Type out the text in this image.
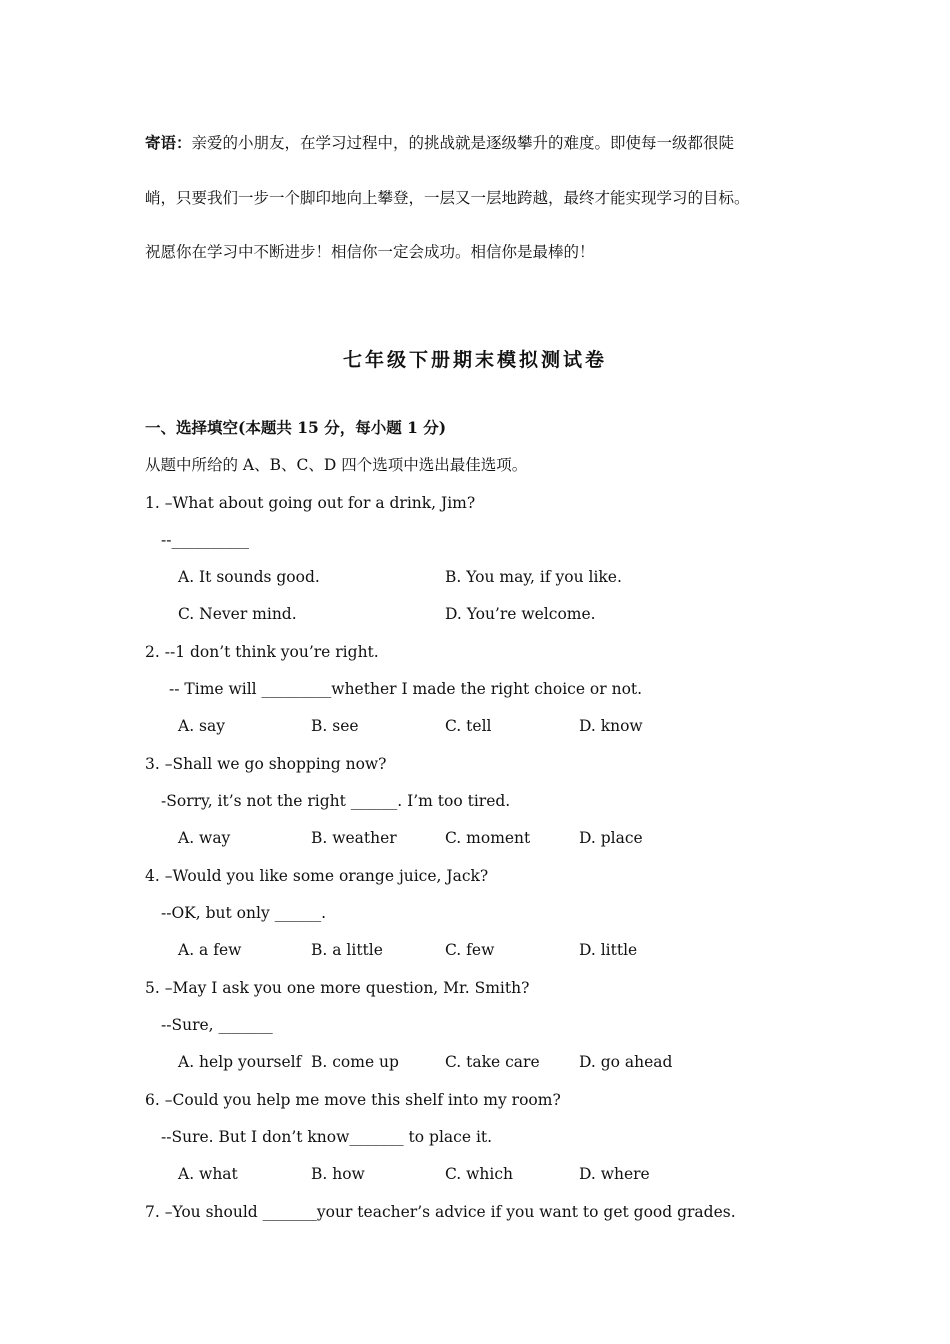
寄语：亲爱的小朋友，在学习过程中，的挑战就是逐级攀升的难度。即使每一级都很陡
峭，只要我们一步一个脚印地向上攀登，一层又一层地跨越，最终才能实现学习的目标。
祝愿你在学习中不断进步！相信你一定会成功。相信你是最棒的！
七年级下册期末模拟测试卷
一、选择填空(本题共 15 分，每小题 1 分)
从题中所给的 A、B、C、D 四个选项中选出最佳选项。
1. –What about going out for a drink, Jim?
--__________
A. It sounds good.	B. You may, if you like.
C. Never mind.	D. You’re welcome.
2. --1 don’t think you’re right.
-- Time will _________whether I made the right choice or not.
A. say	B. see	C. tell	D. know
3. –Shall we go shopping now?
-Sorry, it’s not the right ______. I’m too tired.
A. way	B. weather	C. moment	D. place
4. –Would you like some orange juice, Jack?
--OK, but only ______.
A. a few	B. a little	C. few	D. little
5. –May I ask you one more question, Mr. Smith?
--Sure, _______
A. help yourself B. come up	C. take care	D. go ahead
6. –Could you help me move this shelf into my room?
--Sure. But I don’t know_______ to place it.
A. what	B. how	C. which	D. where
7. –You should _______your teacher’s advice if you want to get good grades.
